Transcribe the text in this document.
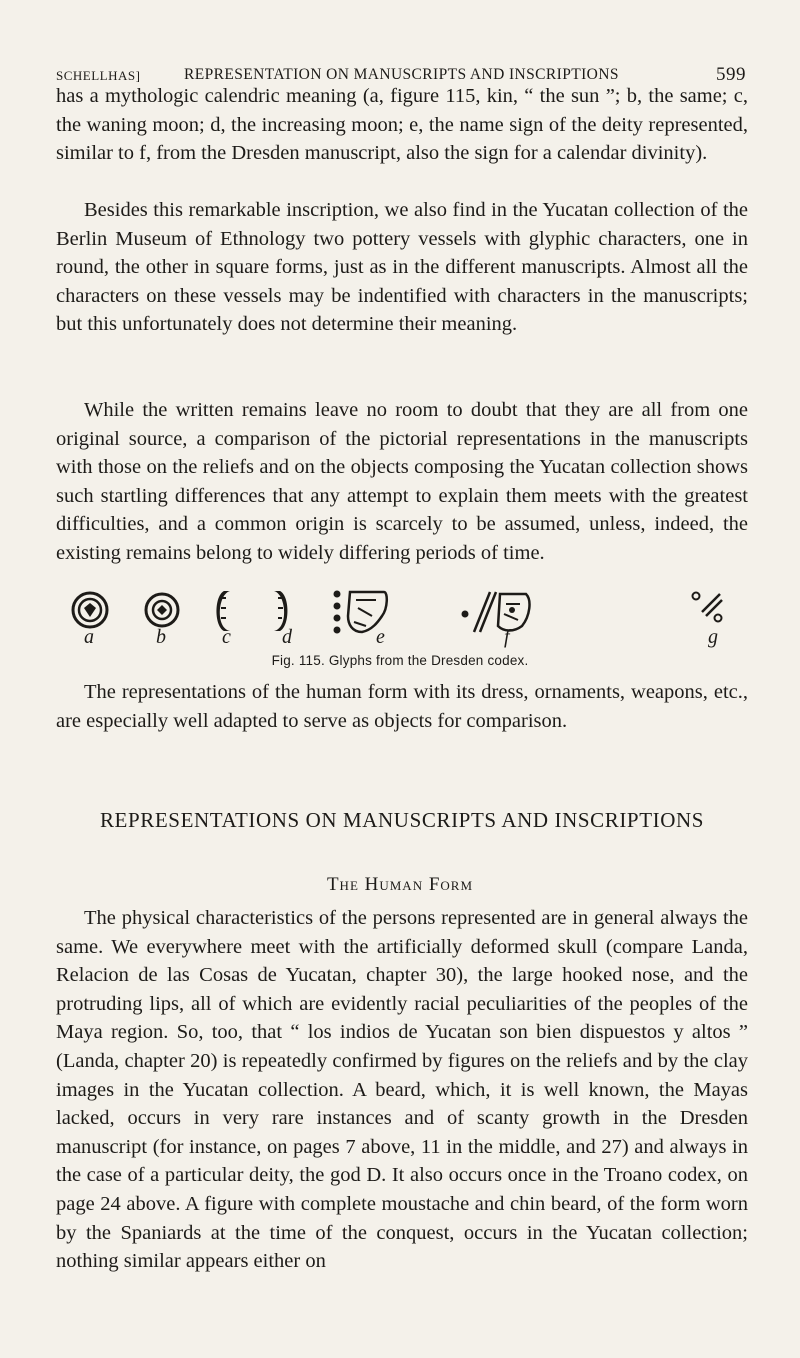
SCHELLHAS]	REPRESENTATION ON MANUSCRIPTS AND INSCRIPTIONS	599

has a mythologic calendric meaning (a, figure 115, kin, “ the sun ”; b, the same; c, the waning moon; d, the increasing moon; e, the name sign of the deity represented, similar to f, from the Dresden manuscript, also the sign for a calendar divinity).

Besides this remarkable inscription, we also find in the Yucatan collection of the Berlin Museum of Ethnology two pottery vessels with glyphic characters, one in round, the other in square forms, just as in the different manuscripts. Almost all the characters on these vessels may be indentified with characters in the manuscripts; but this unfortunately does not determine their meaning.

While the written remains leave no room to doubt that they are all from one original source, a comparison of the pictorial representations in the manuscripts with those on the reliefs and on the objects composing the Yucatan collection shows such startling differences that any attempt to explain them meets with the greatest difficulties, and a common origin is scarcely to be assumed, unless, indeed, the existing remains belong to widely differing periods of time.

a	b	c	d	e	f	g
Fig. 115. Glyphs from the Dresden codex.

The representations of the human form with its dress, ornaments, weapons, etc., are especially well adapted to serve as objects for comparison.

REPRESENTATIONS ON MANUSCRIPTS AND INSCRIPTIONS
The Human Form

The physical characteristics of the persons represented are in general always the same. We everywhere meet with the artificially deformed skull (compare Landa, Relacion de las Cosas de Yucatan, chapter 30), the large hooked nose, and the protruding lips, all of which are evidently racial peculiarities of the peoples of the Maya region. So, too, that “ los indios de Yucatan son bien dispuestos y altos ” (Landa, chapter 20) is repeatedly confirmed by figures on the reliefs and by the clay images in the Yucatan collection. A beard, which, it is well known, the Mayas lacked, occurs in very rare instances and of scanty growth in the Dresden manuscript (for instance, on pages 7 above, 11 in the middle, and 27) and always in the case of a particular deity, the god D. It also occurs once in the Troano codex, on page 24 above. A figure with complete moustache and chin beard, of the form worn by the Spaniards at the time of the conquest, occurs in the Yucatan collection; nothing similar appears either on
